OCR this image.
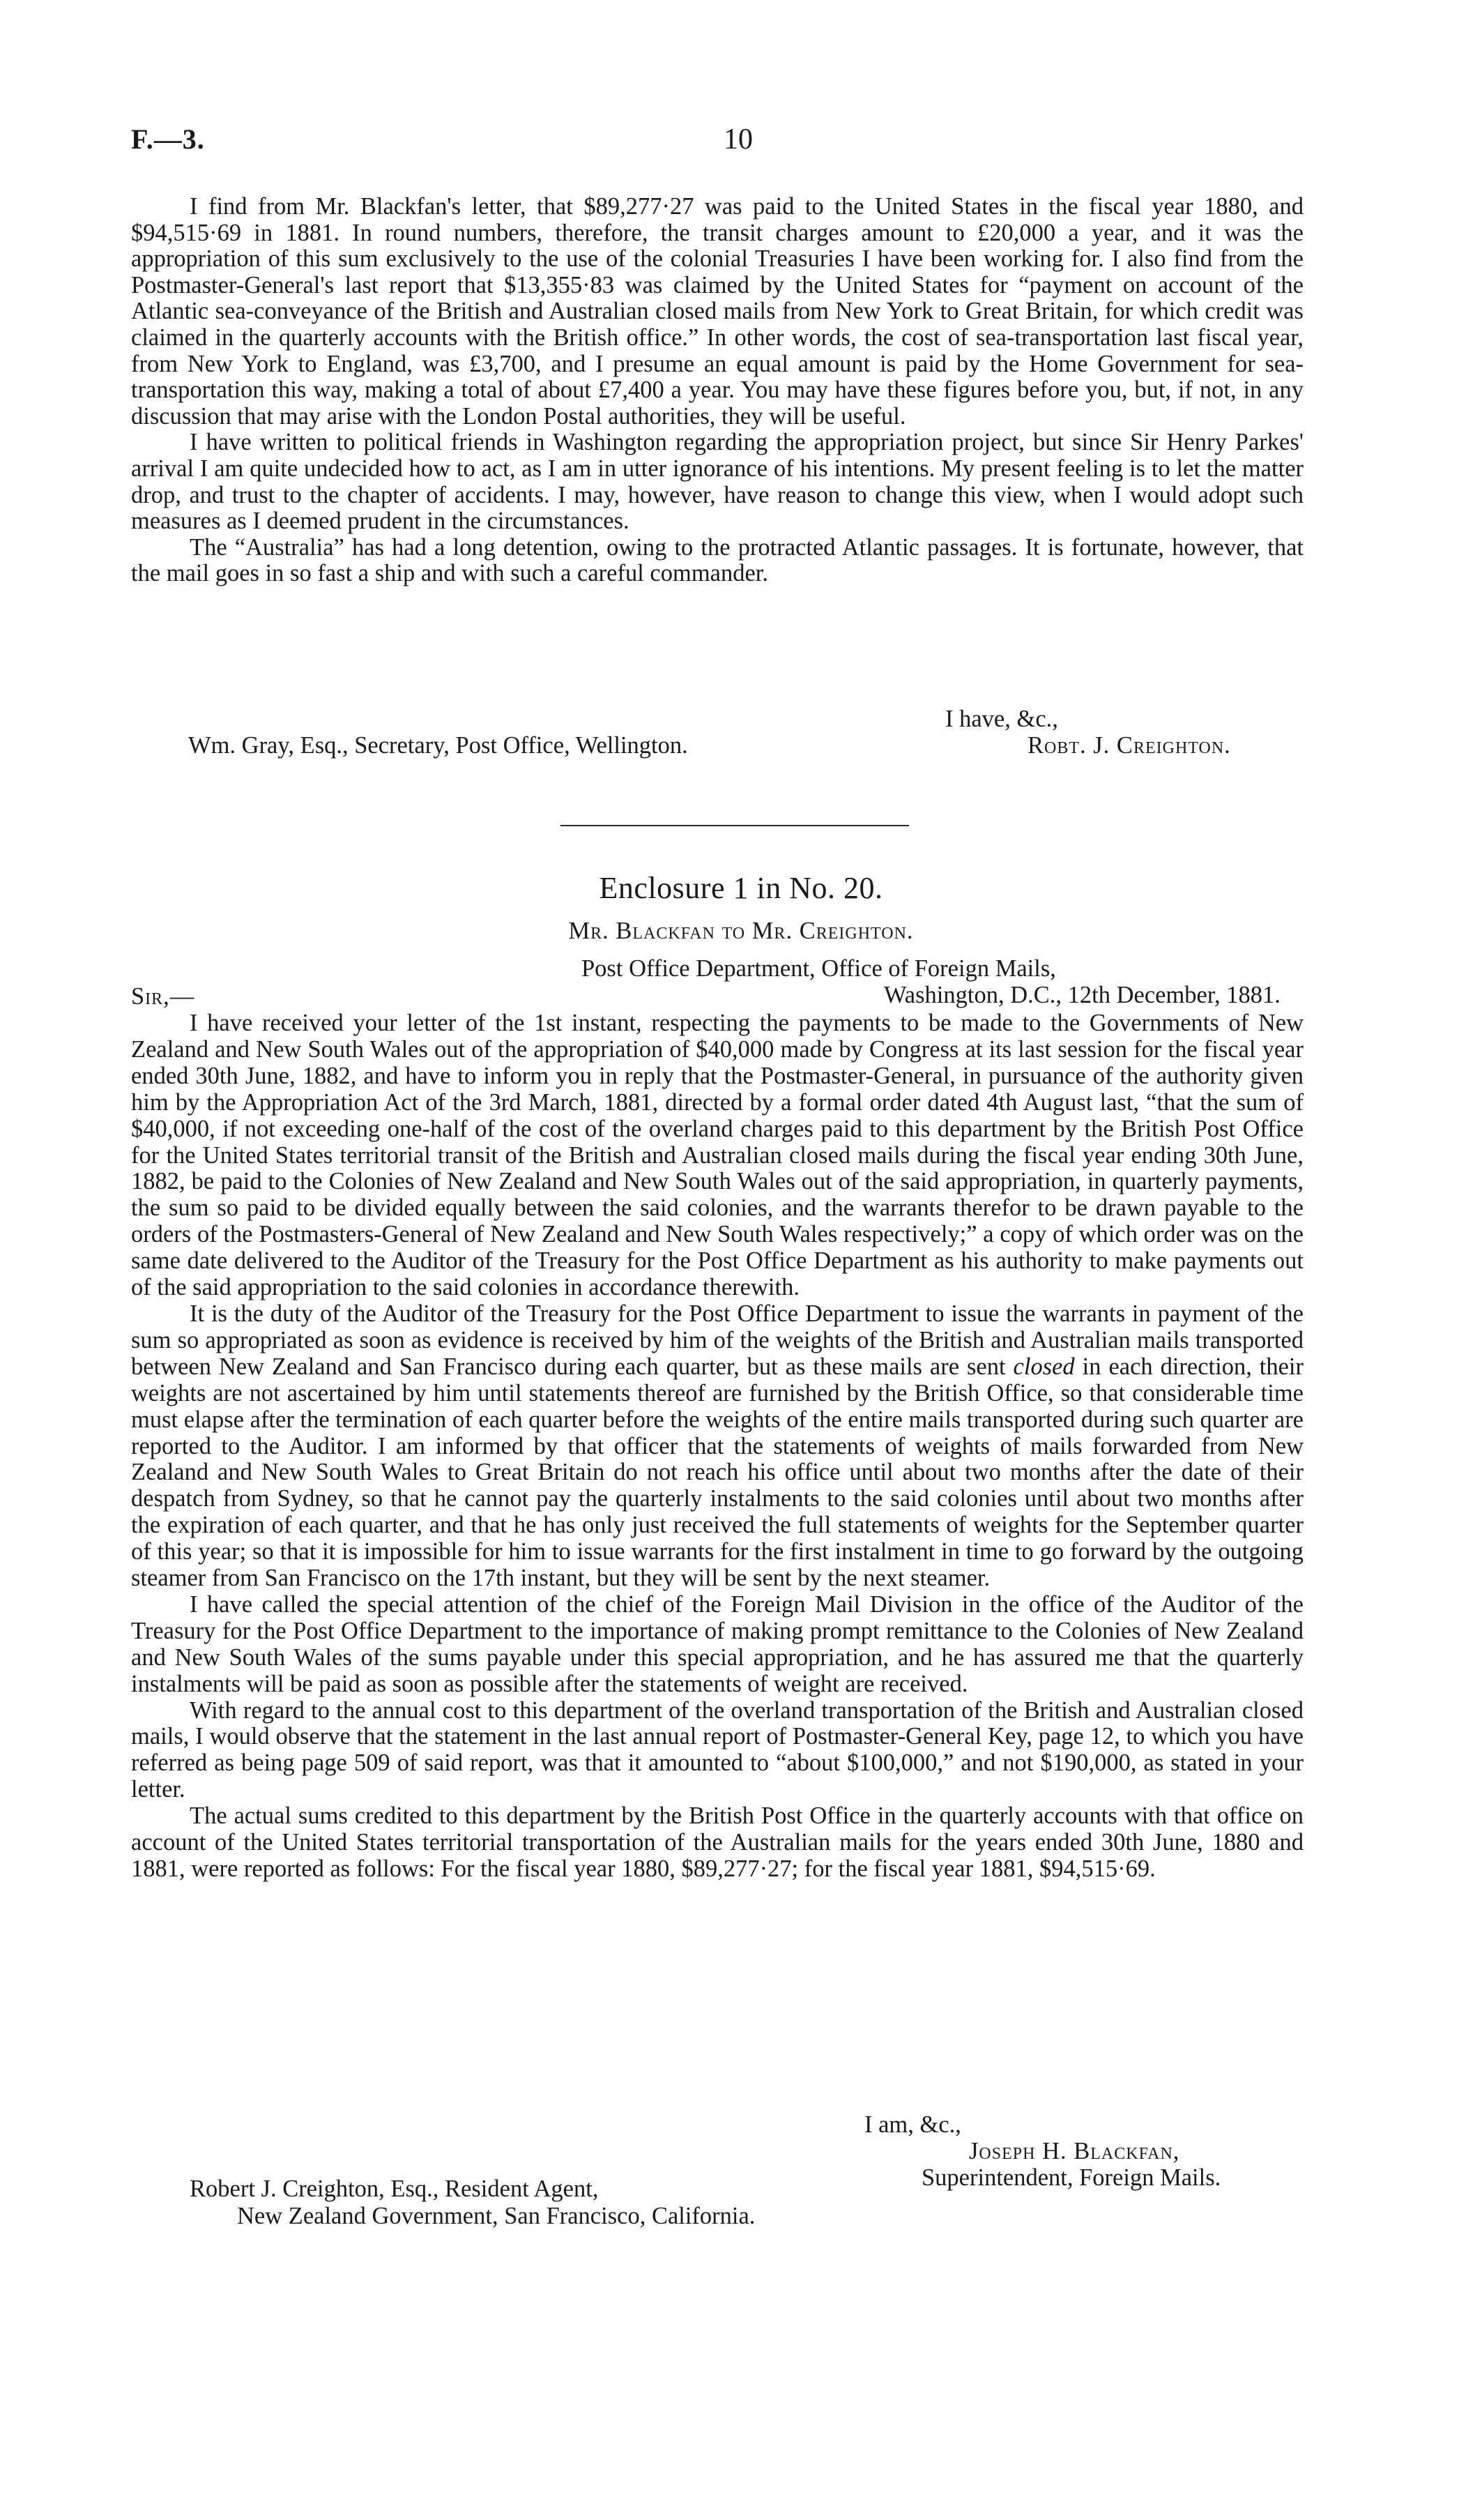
F.—3.	10

I find from Mr. Blackfan's letter, that $89,277·27 was paid to the United States in the fiscal year 1880, and $94,515·69 in 1881. In round numbers, therefore, the transit charges amount to £20,000 a year, and it was the appropriation of this sum exclusively to the use of the colonial Treasuries I have been working for. I also find from the Postmaster-General's last report that $13,355·83 was claimed by the United States for “payment on account of the Atlantic sea-conveyance of the British and Australian closed mails from New York to Great Britain, for which credit was claimed in the quarterly accounts with the British office.” In other words, the cost of sea-transportation last fiscal year, from New York to England, was £3,700, and I presume an equal amount is paid by the Home Government for sea-transportation this way, making a total of about £7,400 a year. You may have these figures before you, but, if not, in any discussion that may arise with the London Postal authorities, they will be useful.

I have written to political friends in Washington regarding the appropriation project, but since Sir Henry Parkes' arrival I am quite undecided how to act, as I am in utter ignorance of his intentions. My present feeling is to let the matter drop, and trust to the chapter of accidents. I may, however, have reason to change this view, when I would adopt such measures as I deemed prudent in the circumstances.

The “Australia” has had a long detention, owing to the protracted Atlantic passages. It is fortunate, however, that the mail goes in so fast a ship and with such a careful commander.

I have, &c.,
Wm. Gray, Esq., Secretary, Post Office, Wellington.	Robt. J. Creighton.
Enclosure 1 in No. 20.
Mr. Blackfan to Mr. Creighton.
Post Office Department, Office of Foreign Mails,
Sir,—	Washington, D.C., 12th December, 1881.

I have received your letter of the 1st instant, respecting the payments to be made to the Governments of New Zealand and New South Wales out of the appropriation of $40,000 made by Congress at its last session for the fiscal year ended 30th June, 1882, and have to inform you in reply that the Postmaster-General, in pursuance of the authority given him by the Appropriation Act of the 3rd March, 1881, directed by a formal order dated 4th August last, “that the sum of $40,000, if not exceeding one-half of the cost of the overland charges paid to this department by the British Post Office for the United States territorial transit of the British and Australian closed mails during the fiscal year ending 30th June, 1882, be paid to the Colonies of New Zealand and New South Wales out of the said appropriation, in quarterly payments, the sum so paid to be divided equally between the said colonies, and the warrants therefor to be drawn payable to the orders of the Postmasters-General of New Zealand and New South Wales respectively;” a copy of which order was on the same date delivered to the Auditor of the Treasury for the Post Office Department as his authority to make payments out of the said appropriation to the said colonies in accordance therewith.

It is the duty of the Auditor of the Treasury for the Post Office Department to issue the warrants in payment of the sum so appropriated as soon as evidence is received by him of the weights of the British and Australian mails transported between New Zealand and San Francisco during each quarter, but as these mails are sent closed in each direction, their weights are not ascertained by him until statements thereof are furnished by the British Office, so that considerable time must elapse after the termination of each quarter before the weights of the entire mails transported during such quarter are reported to the Auditor. I am informed by that officer that the statements of weights of mails forwarded from New Zealand and New South Wales to Great Britain do not reach his office until about two months after the date of their despatch from Sydney, so that he cannot pay the quarterly instalments to the said colonies until about two months after the expiration of each quarter, and that he has only just received the full statements of weights for the September quarter of this year; so that it is impossible for him to issue warrants for the first instalment in time to go forward by the outgoing steamer from San Francisco on the 17th instant, but they will be sent by the next steamer.

I have called the special attention of the chief of the Foreign Mail Division in the office of the Auditor of the Treasury for the Post Office Department to the importance of making prompt remittance to the Colonies of New Zealand and New South Wales of the sums payable under this special appropriation, and he has assured me that the quarterly instalments will be paid as soon as possible after the statements of weight are received.

With regard to the annual cost to this department of the overland transportation of the British and Australian closed mails, I would observe that the statement in the last annual report of Postmaster-General Key, page 12, to which you have referred as being page 509 of said report, was that it amounted to “about $100,000,” and not $190,000, as stated in your letter.

The actual sums credited to this department by the British Post Office in the quarterly accounts with that office on account of the United States territorial transportation of the Australian mails for the years ended 30th June, 1880 and 1881, were reported as follows: For the fiscal year 1880, $89,277·27; for the fiscal year 1881, $94,515·69.

I am, &c.,
Joseph H. Blackfan,
Superintendent, Foreign Mails.
Robert J. Creighton, Esq., Resident Agent,
New Zealand Government, San Francisco, California.
